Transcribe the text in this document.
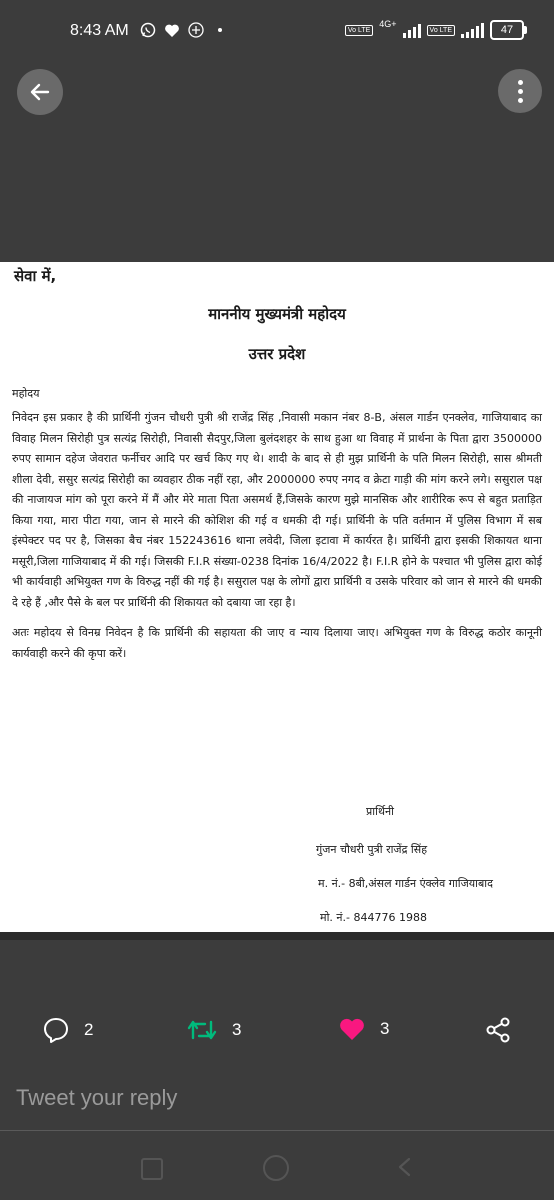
8:43 AM	Vo LTE
4G+
Vo LTE	47
सेवा में,
माननीय मुख्यमंत्री महोदय
उत्तर प्रदेश
महोदय

निवेदन इस प्रकार है की प्रार्थिनी गुंजन चौधरी पुत्री श्री राजेंद्र सिंह ,निवासी मकान नंबर 8-B, अंसल गार्डन एनक्लेव, गाजियाबाद का विवाह मिलन सिरोही पुत्र सत्यंद्र सिरोही, निवासी सैदपुर,जिला बुलंदशहर के साथ हुआ था विवाह में प्रार्थना के पिता द्वारा 3500000 रुपए सामान दहेज जेवरात फर्नीचर आदि पर खर्च किए गए थे। शादी के बाद से ही मुझ प्रार्थिनी के पति मिलन सिरोही, सास श्रीमती शीला देवी, ससुर सत्यंद्र सिरोही का व्यवहार ठीक नहीं रहा, और 2000000 रुपए नगद व क्रेटा गाड़ी की मांग करने लगे। ससुराल पक्ष की नाजायज मांग को पूरा करने में मैं और मेरे माता पिता असमर्थ हैं,जिसके कारण मुझे मानसिक और शारीरिक रूप से बहुत प्रताड़ित किया गया, मारा पीटा गया, जान से मारने की कोशिश की गई व धमकी दी गई। प्रार्थिनी के पति वर्तमान में पुलिस विभाग में सब इंस्पेक्टर पद पर है, जिसका बैच नंबर 152243616 थाना लवेदी, जिला इटावा में कार्यरत है। प्रार्थिनी द्वारा इसकी शिकायत थाना मसूरी,जिला गाजियाबाद में की गई। जिसकी F.I.R संख्या-0238 दिनांक 16/4/2022 है। F.I.R होने के पश्चात भी पुलिस द्वारा कोई भी कार्यवाही अभियुक्त गण के विरुद्ध नहीं की गई है। ससुराल पक्ष के लोगों द्वारा प्रार्थिनी व उसके परिवार को जान से मारने की धमकी दे रहे हैं ,और पैसे के बल पर प्रार्थिनी की शिकायत को दबाया जा रहा है।

अतः महोदय से विनम्र निवेदन है कि प्रार्थिनी की सहायता की जाए व न्याय दिलाया जाए। अभियुक्त गण के विरुद्ध कठोर कानूनी कार्यवाही करने की कृपा करें।

प्रार्थिनी
गुंजन चौधरी पुत्री राजेंद्र सिंह
म. नं.- 8बी,अंसल गार्डन एंक्लेव गाजियाबाद
मो. नं.- 844776 1988
2	3	3
Tweet your reply
